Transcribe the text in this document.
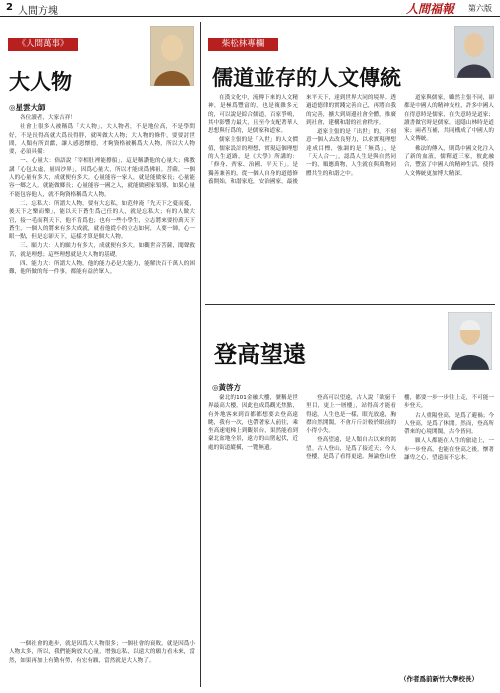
2 人間方塊	人間福報 第六版
《人間萬事》
大人物
◎星雲大師

各位讀者，大家吉祥！

社會上很多人被稱爲「大人物」，大人物者，不是地位高，不是學問好，不是長得高就大爲長得胖，就叫做大人物；大人物的條件，要要討世間，人類有所貢獻，讓人感恩懷德，才夠資格被稱爲大人物，所以大人物要，必須具備：

一、心量大：俗語說「宰相肚裡能撐船」，這是稱讚他的心量大；佛教講「心包太虛，量周沙界」，因爲心量大，所以才能成爲佛祖。菩薩，一個人的心量有多大，成就便有多大。心量能容一家人，就是能做家長；心量能容一鄉之人，就能做鄉長；心量能容一國之人，就能做國家領導，如果心量不能包容他人，就不夠資格稱爲大人物。

二、忘私大：所謂大人物，要有大忘私，如范仲淹「先天下之憂而憂，後天下之樂而樂」，能以天下蒼生爲己任的人，就是忘私大；有的人做大官，接一毛而利天下，他不肯爲也；也有一些小學生，立志將來要扮萬天下蒼生，一個人的將來有多大成就，就看他從小的立志如何，人要一師，心一眼一點，但是忘卻天下，這樣才算是個大人物。

三、願力大：人的願力有多大，成就便有多大。如觀世音菩薩，聞聲救苦，就是理想；這些理想就是大人物的基礎。

四、能力大：所謂大人物，他的能力必是大能力，能解決百千萬人的困難，他所做的每一件事，都能有益於眾人。

一個社會的進步，就是因爲大人物很多；一個社會的衰敗，就是因爲小人物太多，所以，我們能夠放大心量，增強忘私，以遠大的願力看未來，當然，如果再加上有勤有勞，有宏有願，當然就是大人物了。

柴松林專欄
儒道並存的人文傳統

在漢文化中，流傳下來的人文精神，是極爲豐富的，也是複雜多元的，可以說是綜合儒道，百家爭鳴，其中影響力最大，且至今支配著華人思想與行爲的，是儒家和道家。

儒家主張的是「入世」的人文價值，儒家設計的理想，實現這個理想的人生道路，是《大學》所講的：「修身、齊家、治國、平天下」。是獨善兼善的，從一個人自身的道德修養開始，和諧家庭，安治國家，最後來平天下，達到世界大同的境界。透過道德律的實踐完善自己，再將自我的完善，擴大到周邊社會全體，推廣到社會，建構和諧的社會秩序。

道家主張的是「出世」的，不刻意一個人去改良努力，以求實現理想達成目標，強調的是「無爲」，是「天人合一」，認爲人生是與自然同一的，順應萬物，人生就在與萬物同體共生的和諧之中。

道家與儒家，雖然主張不同，卻都是中國人的精神支柱，許多中國人在得意時是儒家，在失意時是道家；讀書做官時是儒家，退隱山林時是道家；兩者互補，共同構成了中國人的人文傳統。

佛法的傳入，則爲中國文化注入了新的血液，儒釋道三家，彼此融合，豐富了中國人的精神生活，使得人文傳統更加博大精深。

登高望遠
◎黃啓方

臺北的101金融大樓，號稱是世界最高大樓，因此也成爲觀光焦點，有外地客來到首都都想要去登高遠眺，我有一次，也帶著家人前往，乘坐高速電梯上到觀景台，果然能看到臺北盆地全景，遠方的山巒起伏，近處的街道縱橫，一覽無遺。

登高可以望遠，古人說「欲窮千里目，更上一層樓」，站得高才能看得遠。人生也是一樣，眼光放遠，胸襟自然開闊，不會斤斤計較於眼前的小得小失。

登高望遠，是人類自古以來的渴望。古人登山，是爲了接近天；今人登樓，是爲了看得更遠。無論登山登樓，都要一步一步往上走，不可能一步登天。

古人重陽登高，是爲了避禍；今人登高，是爲了休閒。然而，登高所帶來的心境開闊，古今皆同。

願人人都能在人生的旅途上，一步一步登高，也能在登高之後，懷著謙卑之心，望遠而不忘本。

（作者爲前新竹大學校長）
